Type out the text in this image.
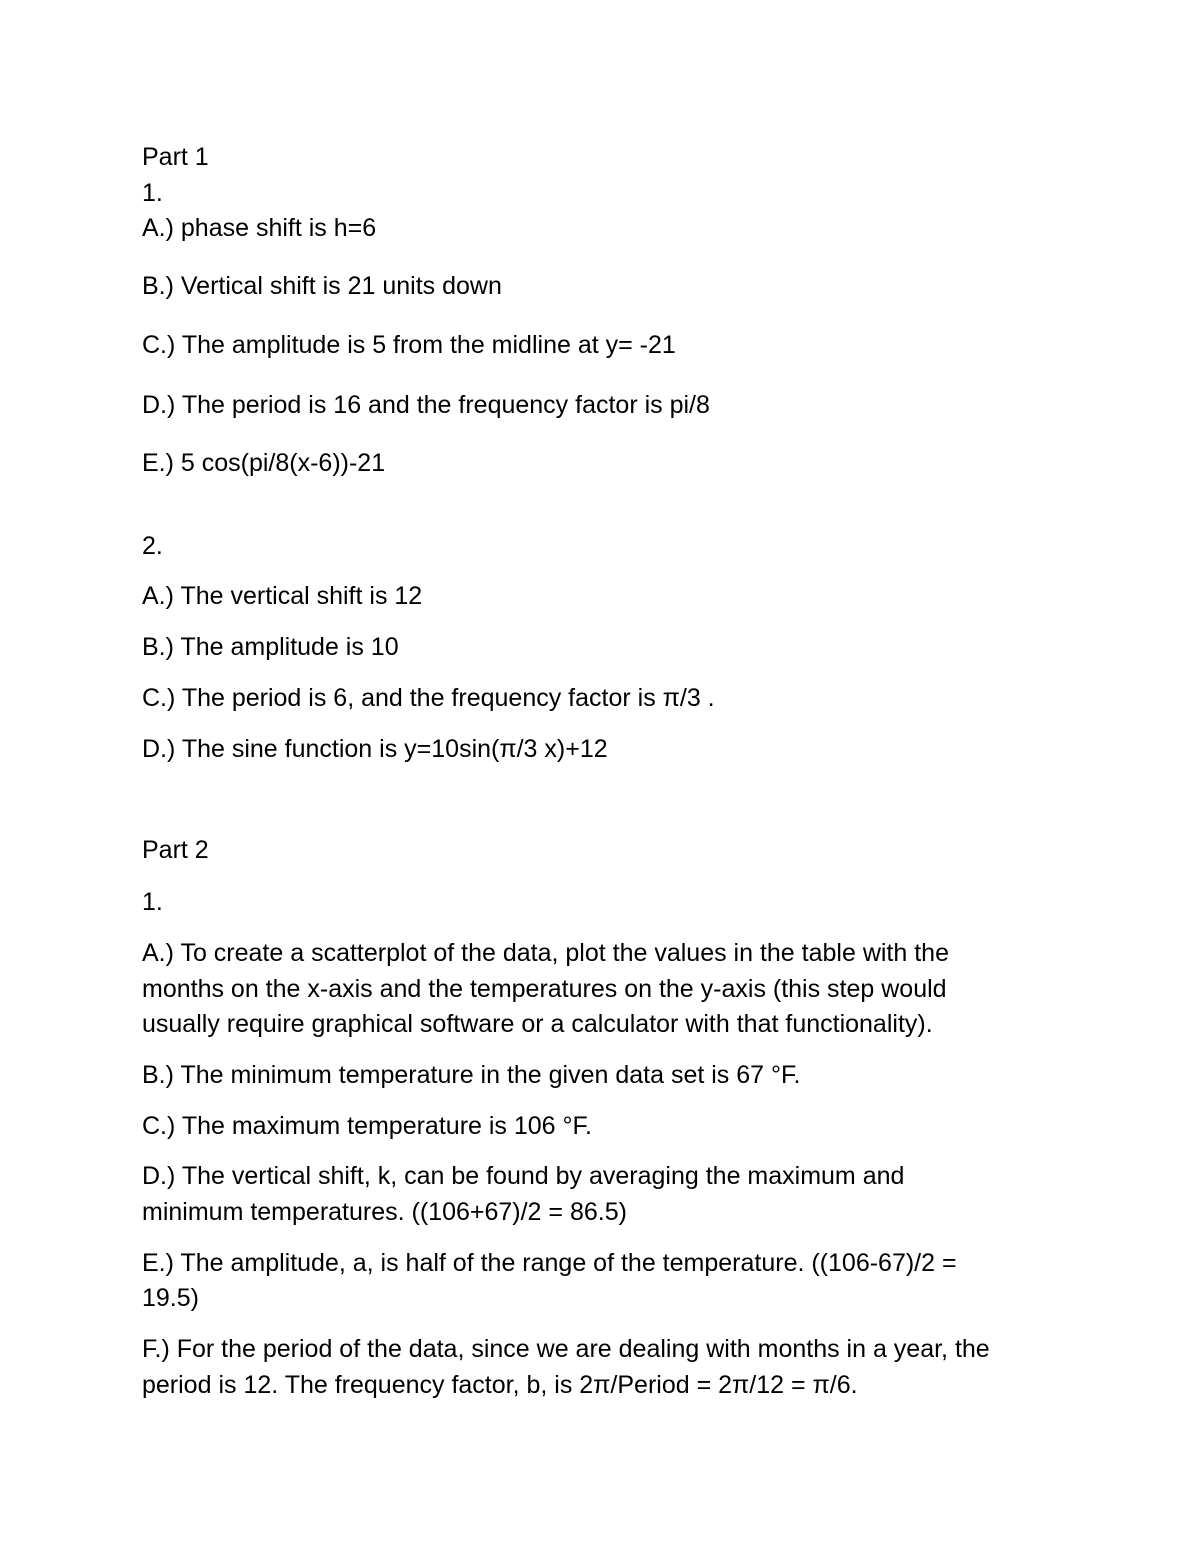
Part 1

1.

A.) phase shift is h=6

B.) Vertical shift is 21 units down

C.) The amplitude is 5 from the midline at y= -21

D.) The period is 16 and the frequency factor is pi/8

E.) 5 cos(pi/8(x-6))-21

2.

A.) The vertical shift is 12

B.) The amplitude is 10

C.) The period is 6, and the frequency factor is π/3 .

D.) The sine function is y=10sin(π/3 x)+12

Part 2

1.

A.) To create a scatterplot of the data, plot the values in the table with the

months on the x-axis and the temperatures on the y-axis (this step would

usually require graphical software or a calculator with that functionality).

B.) The minimum temperature in the given data set is 67 °F.

C.) The maximum temperature is 106 °F.

D.) The vertical shift, k, can be found by averaging the maximum and

minimum temperatures. ((106+67)/2 = 86.5)

E.) The amplitude, a, is half of the range of the temperature. ((106-67)/2 =

19.5)

F.) For the period of the data, since we are dealing with months in a year, the

period is 12. The frequency factor, b, is 2π/Period = 2π/12 = π/6.
